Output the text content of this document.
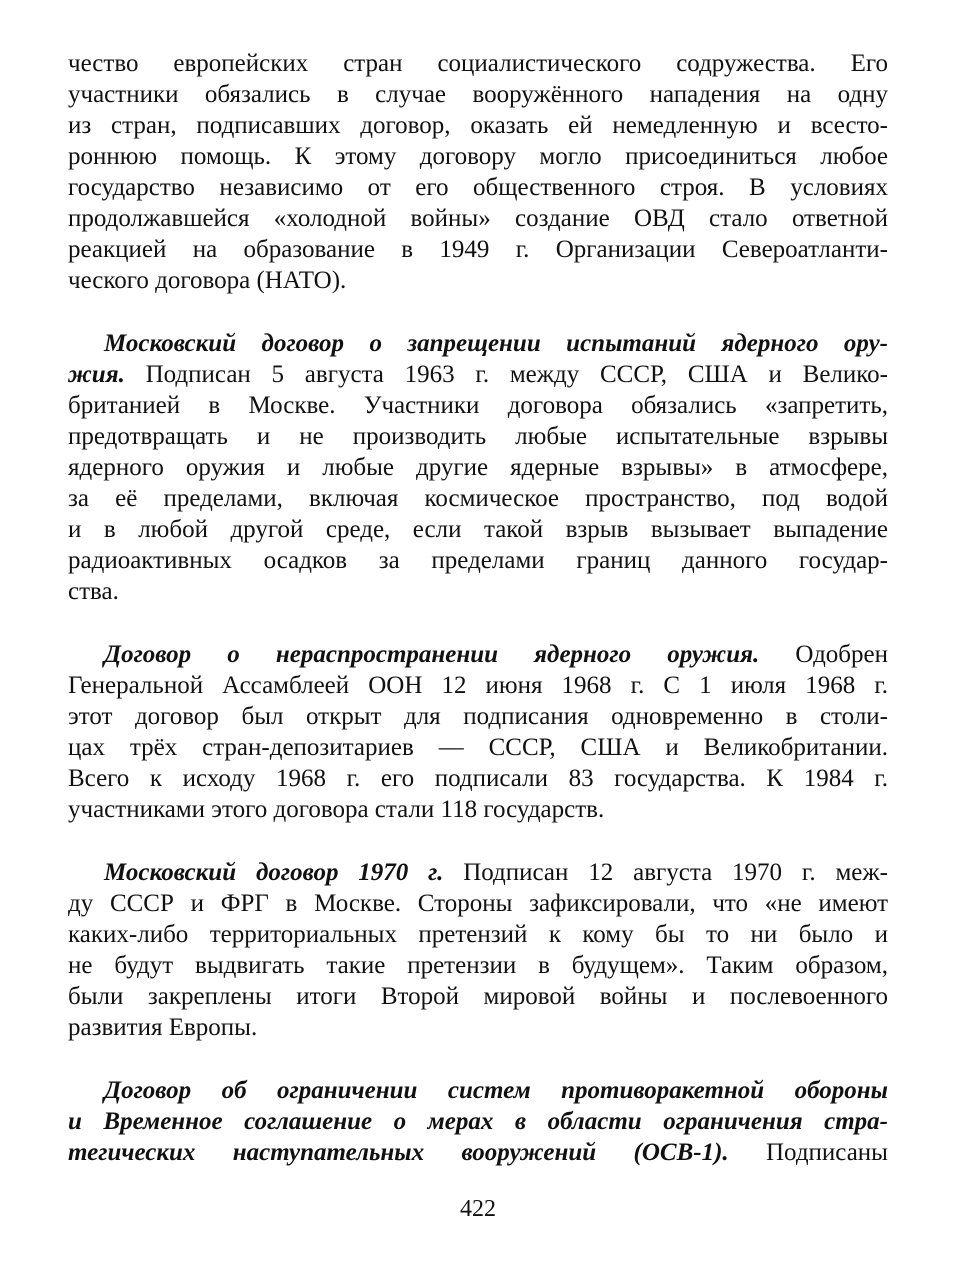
чество европейских стран социалистического содружества. Его
участники обязались в случае вооружённого нападения на одну
из стран, подписавших договор, оказать ей немедленную и всесто-
роннюю помощь. К этому договору могло присоединиться любое
государство независимо от его общественного строя. В условиях
продолжавшейся «холодной войны» создание ОВД стало ответной
реакцией на образование в 1949 г. Организации Североатланти-
ческого договора (НАТО).
Московский договор о запрещении испытаний ядерного ору-
жия. Подписан 5 августа 1963 г. между СССР, США и Велико-
британией в Москве. Участники договора обязались «запретить,
предотвращать и не производить любые испытательные взрывы
ядерного оружия и любые другие ядерные взрывы» в атмосфере,
за её пределами, включая космическое пространство, под водой
и в любой другой среде, если такой взрыв вызывает выпадение
радиоактивных осадков за пределами границ данного государ-
ства.
Договор о нераспространении ядерного оружия. Одобрен
Генеральной Ассамблеей ООН 12 июня 1968 г. С 1 июля 1968 г.
этот договор был открыт для подписания одновременно в столи-
цах трёх стран-депозитариев — СССР, США и Великобритании.
Всего к исходу 1968 г. его подписали 83 государства. К 1984 г.
участниками этого договора стали 118 государств.
Московский договор 1970 г. Подписан 12 августа 1970 г. меж-
ду СССР и ФРГ в Москве. Стороны зафиксировали, что «не имеют
каких-либо территориальных претензий к кому бы то ни было и
не будут выдвигать такие претензии в будущем». Таким образом,
были закреплены итоги Второй мировой войны и послевоенного
развития Европы.
Договор об ограничении систем противоракетной обороны
и Временное соглашение о мерах в области ограничения стра-
тегических наступательных вооружений (ОСВ-1). Подписаны
422
